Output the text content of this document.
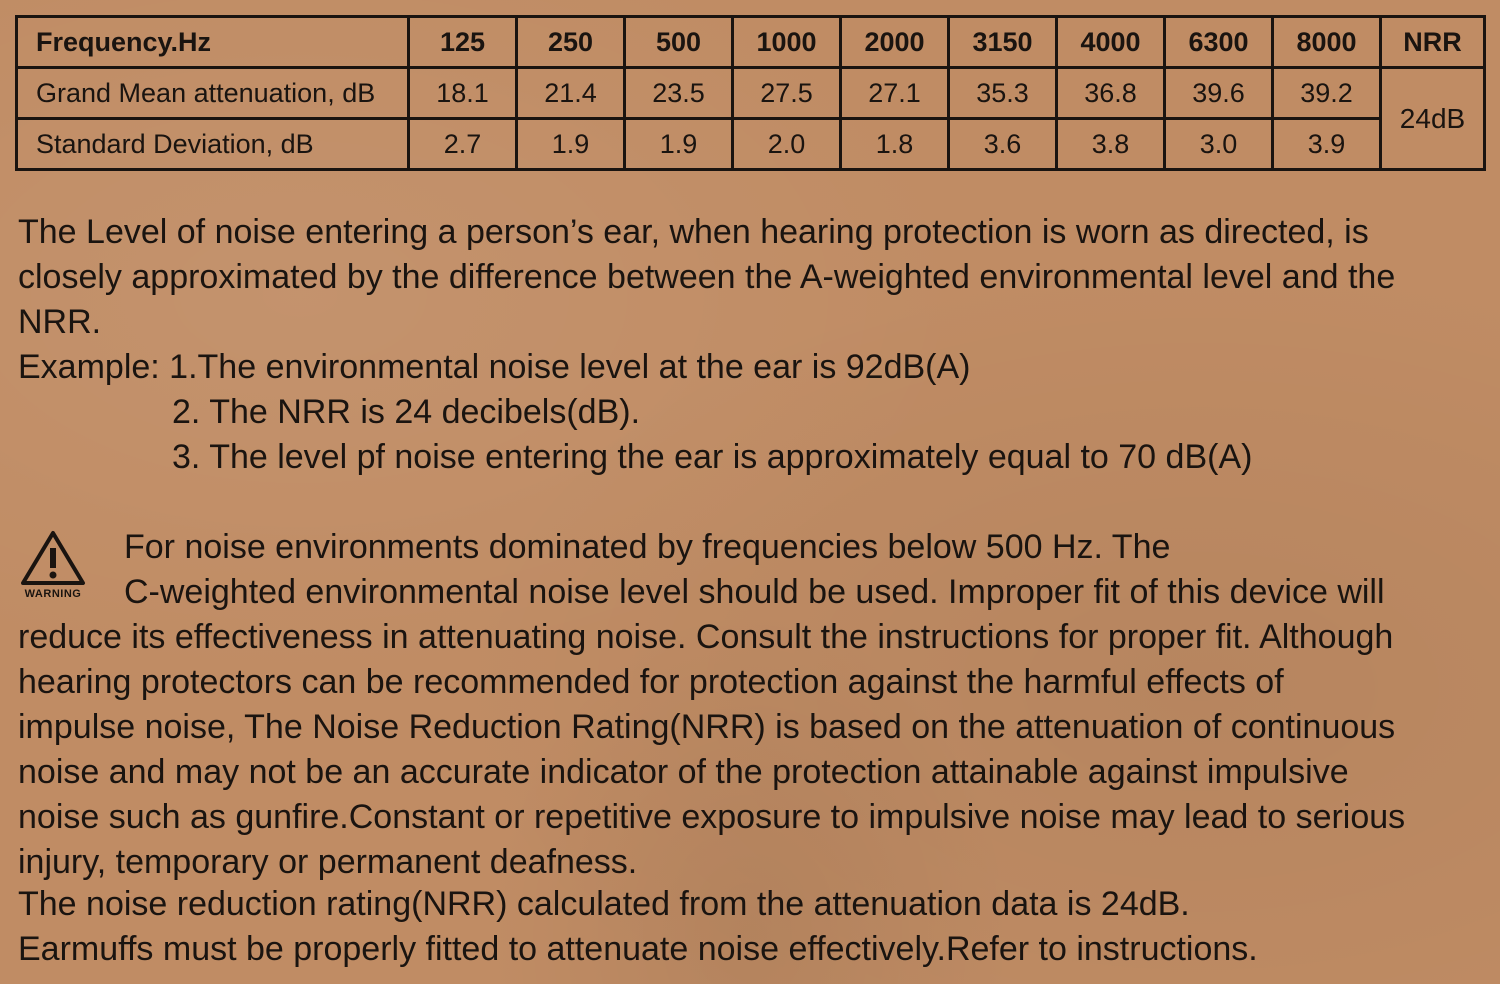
Frequency.Hz	125	250	500	1000	2000	3150	4000	6300	8000	NRR
Grand Mean attenuation, dB	18.1	21.4	23.5	27.5	27.1	35.3	36.8	39.6	39.2	24dB
Standard Deviation, dB	2.7	1.9	1.9	2.0	1.8	3.6	3.8	3.0	3.9	
The Level of noise entering a person’s ear, when hearing protection is worn as directed, is
closely approximated by the difference between the A-weighted environmental level and the
NRR.
Example: 1.The environmental noise level at the ear is 92dB(A)
2. The NRR is 24 decibels(dB).
3. The level pf noise entering the ear is approximately equal to 70 dB(A)
WARNING
For noise environments dominated by frequencies below 500 Hz. The
C-weighted environmental noise level should be used. Improper fit of this device will
reduce its effectiveness in attenuating noise. Consult the instructions for proper fit. Although
hearing protectors can be recommended for protection against the harmful effects of
impulse noise, The Noise Reduction Rating(NRR) is based on the attenuation of continuous
noise and may not be an accurate indicator of the protection attainable against impulsive
noise such as gunfire.Constant or repetitive exposure to impulsive noise may lead to serious
injury, temporary or permanent deafness.
The noise reduction rating(NRR) calculated from the attenuation data is 24dB.
Earmuffs must be properly fitted to attenuate noise effectively.Refer to instructions.
